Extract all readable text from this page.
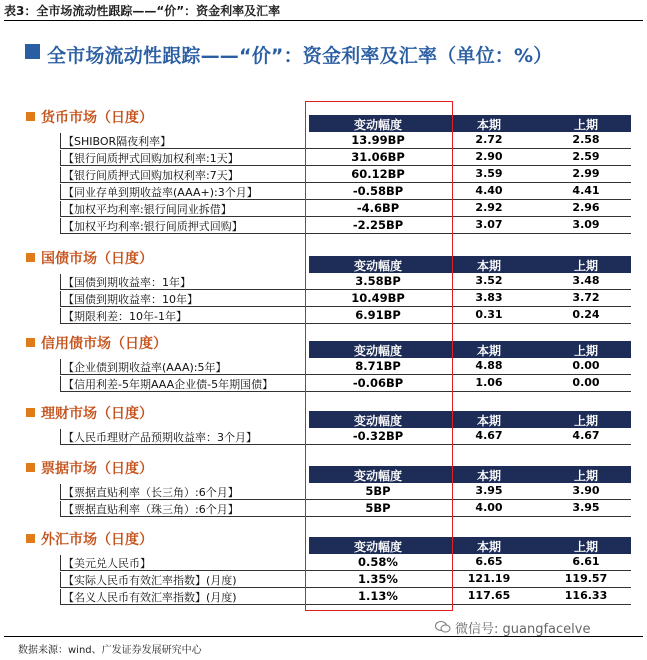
表3：全市场流动性跟踪——“价”：资金利率及汇率
全市场流动性跟踪——“价”：资金利率及汇率（单位：%）
货币市场（日度）	变动幅度	本期	上期
【SHIBOR隔夜利率】	13.99BP	2.72	2.58
【银行间质押式回购加权利率:1天】	31.06BP	2.90	2.59
【银行间质押式回购加权利率:7天】	60.12BP	3.59	2.99
【同业存单到期收益率(AAA+):3个月】	-0.58BP	4.40	4.41
【加权平均利率:银行间同业拆借】	-4.6BP	2.92	2.96
【加权平均利率:银行间质押式回购】	-2.25BP	3.07	3.09
国债市场（日度）	变动幅度	本期	上期
【国债到期收益率：1年】	3.58BP	3.52	3.48
【国债到期收益率：10年】	10.49BP	3.83	3.72
【期限利差：10年-1年】	6.91BP	0.31	0.24
信用债市场（日度）	变动幅度	本期	上期
【企业债到期收益率(AAA):5年】	8.71BP	4.88	0.00
【信用利差-5年期AAA企业债-5年期国债】	-0.06BP	1.06	0.00
理财市场（日度）	变动幅度	本期	上期
【人民币理财产品预期收益率：3个月】	-0.32BP	4.67	4.67
票据市场（日度）	变动幅度	本期	上期
【票据直贴利率（长三角）:6个月】	5BP	3.95	3.90
【票据直贴利率（珠三角）:6个月】	5BP	4.00	3.95
外汇市场（日度）	变动幅度	本期	上期
【美元兑人民币】	0.58%	6.65	6.61
【实际人民币有效汇率指数】(月度)	1.35%	121.19	119.57
【名义人民币有效汇率指数】(月度)	1.13%	117.65	116.33
微信号: guangfacelve
数据来源：wind、广发证券发展研究中心
